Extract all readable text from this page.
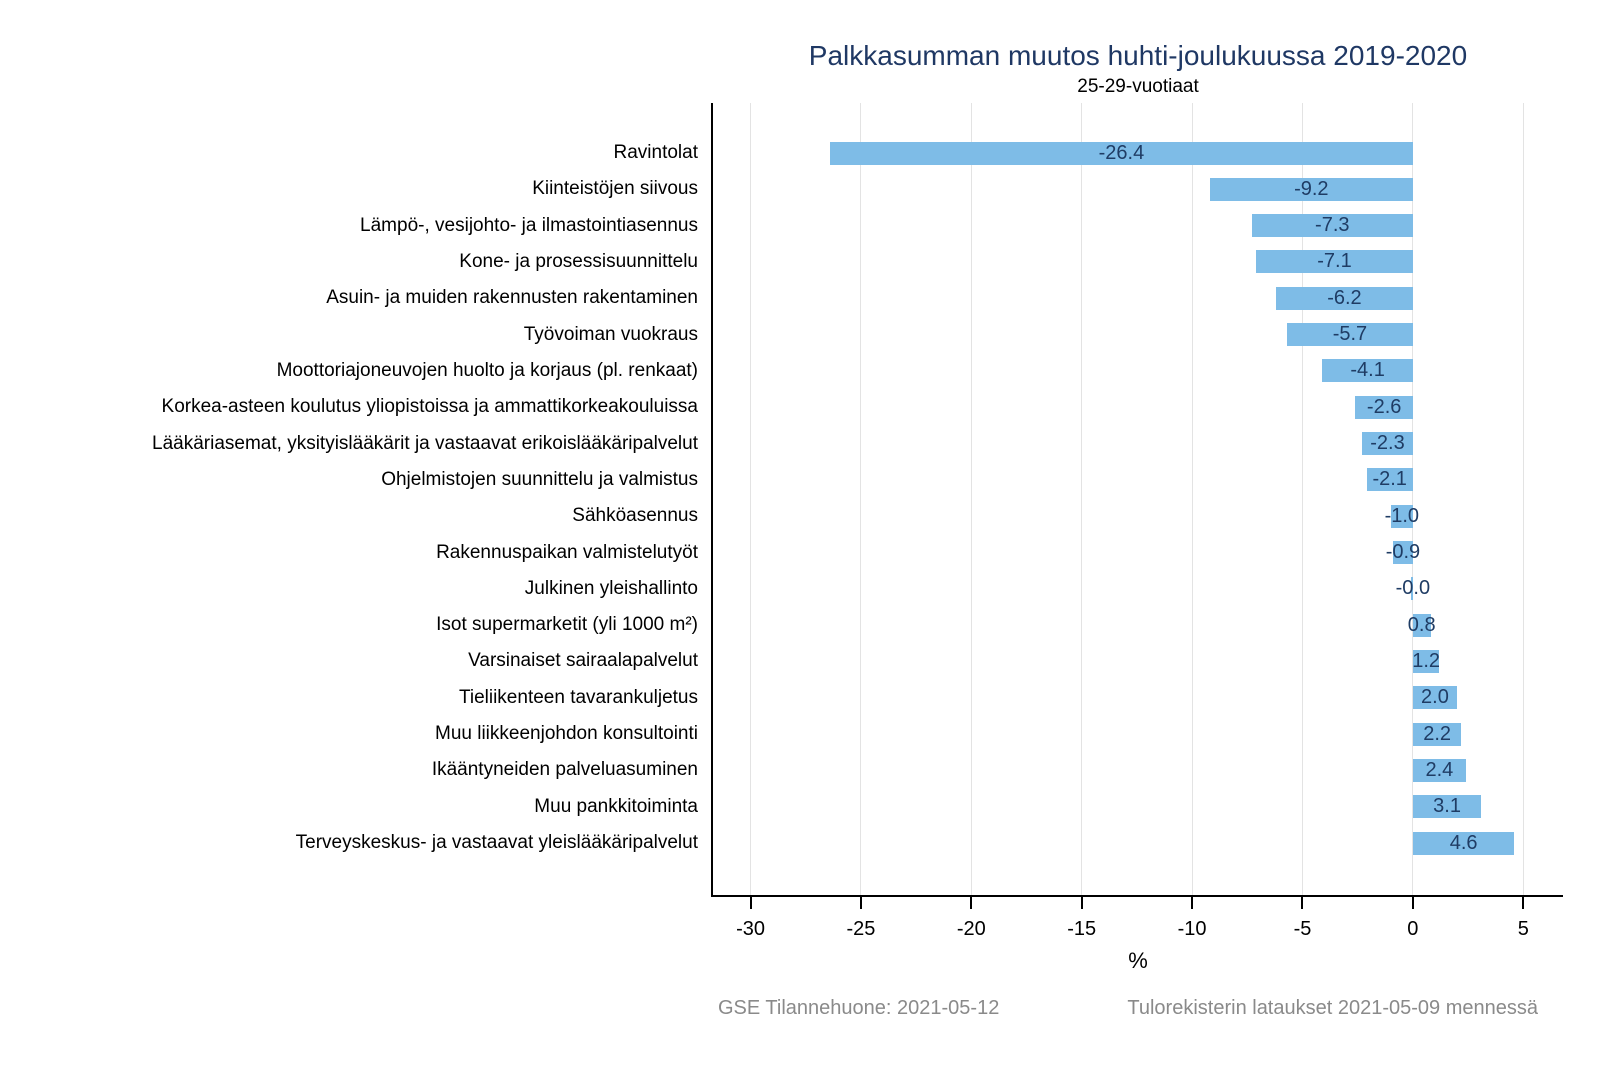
Palkkasumman muutos huhti-joulukuussa 2019-2020
25-29-vuotiaat
-30	-25	-20	-15	-10	-5	0	5
-26.4
Ravintolat
-9.2
Kiinteistöjen siivous
-7.3
Lämpö-, vesijohto- ja ilmastointiasennus
-7.1
Kone- ja prosessisuunnittelu
-6.2
Asuin- ja muiden rakennusten rakentaminen
-5.7
Työvoiman vuokraus
-4.1
Moottoriajoneuvojen huolto ja korjaus (pl. renkaat)
-2.6
Korkea-asteen koulutus yliopistoissa ja ammattikorkeakouluissa
-2.3
Lääkäriasemat, yksityislääkärit ja vastaavat erikoislääkäripalvelut
-2.1
Ohjelmistojen suunnittelu ja valmistus
-1.0
Sähköasennus
-0.9
Rakennuspaikan valmistelutyöt
-0.0
Julkinen yleishallinto
0.8
Isot supermarketit (yli 1000 m²)
1.2
Varsinaiset sairaalapalvelut
2.0
Tieliikenteen tavarankuljetus
2.2
Muu liikkeenjohdon konsultointi
2.4
Ikääntyneiden palveluasuminen
3.1
Muu pankkitoiminta
4.6
Terveyskeskus- ja vastaavat yleislääkäripalvelut
%
GSE Tilannehuone: 2021-05-12	Tulorekisterin lataukset 2021-05-09 mennessä
